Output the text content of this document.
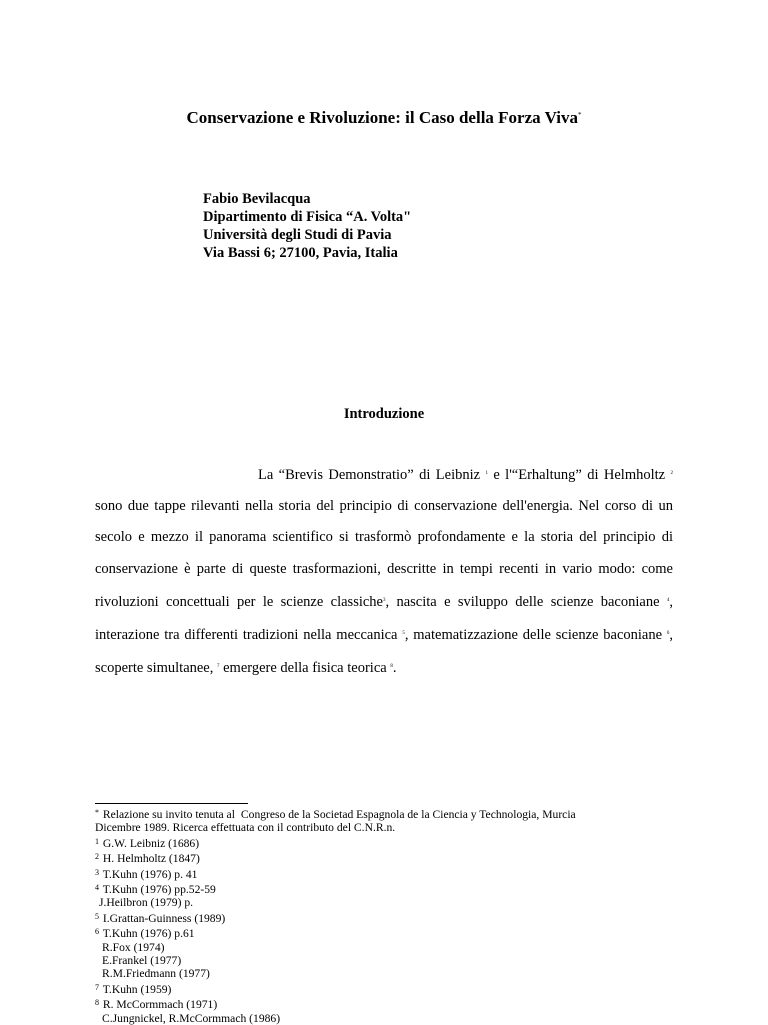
Conservazione e Rivoluzione: il Caso della Forza Viva*
Fabio Bevilacqua
Dipartimento di Fisica “A. Volta"
Università degli Studi di Pavia
Via Bassi 6; 27100, Pavia, Italia
Introduzione
La “Brevis Demonstratio” di Leibniz $^1$ e l'“Erhaltung” di Helmholtz $^2$ sono due tappe rilevanti nella storia del principio di conservazione dell'energia. Nel corso di un secolo e mezzo il panorama scientifico si trasformò profondamente e la storia del principio di conservazione è parte di queste trasformazioni, descritte in tempi recenti in vario modo: come rivoluzioni concettuali per le scienze classiche$^3$, nascita e sviluppo delle scienze baconiane $^4$, interazione tra differenti tradizioni nella meccanica $^5$, matematizzazione delle scienze baconiane $^6$, scoperte simultanee, $^7$ emergere della fisica teorica $^8$.
* Relazione su invito tenuta al Congreso de la Societad Espagnola de la Ciencia y Technologia, Murcia
Dicembre 1989. Ricerca effettuata con il contributo del C.N.R.n.
$^1$ G.W. Leibniz (1686)
$^2$ H. Helmholtz (1847)
$^3$ T.Kuhn (1976) p. 41
$^4$ T.Kuhn (1976) pp.52-59
J.Heilbron (1979) p.
$^5$ I.Grattan-Guinness (1989)
$^6$ T.Kuhn (1976) p.61
R.Fox (1974)
E.Frankel (1977)
R.M.Friedmann (1977)
$^7$ T.Kuhn (1959)
$^8$ R. McCormmach (1971)
C.Jungnickel, R.McCormmach (1986)
